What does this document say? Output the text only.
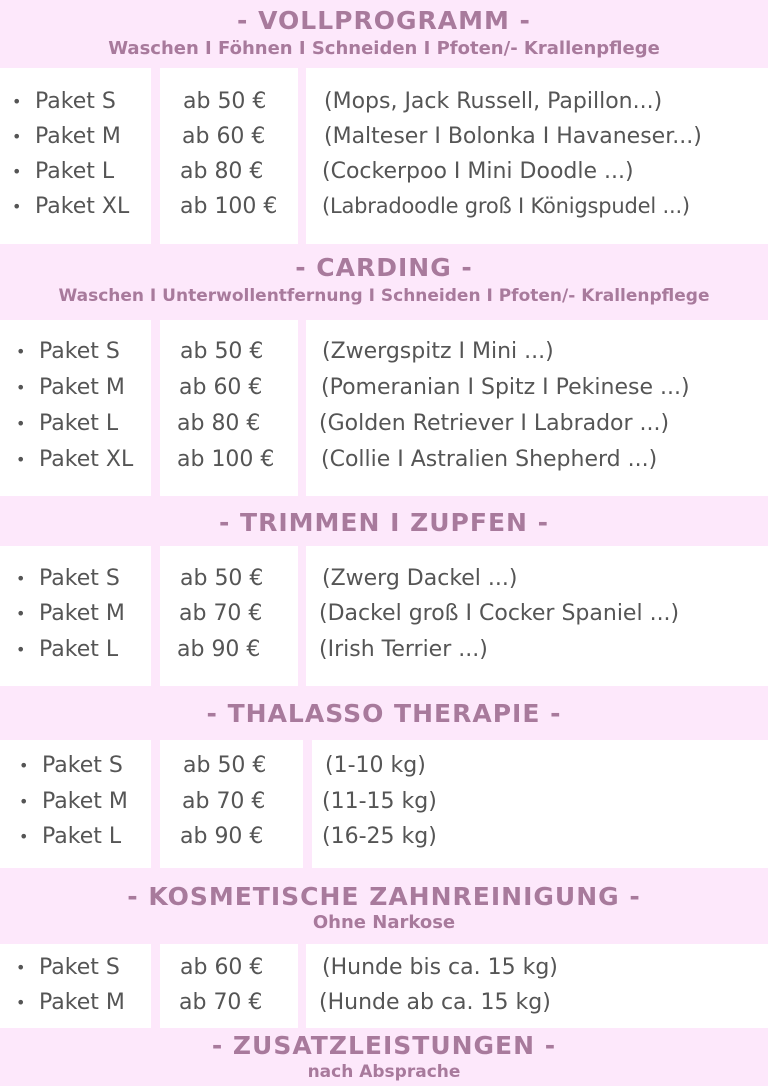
- VOLLPROGRAMM -
Waschen I Föhnen I Schneiden I Pfoten/- Krallenpflege
- CARDING -
Waschen I Unterwollentfernung I Schneiden I Pfoten/- Krallenpflege
- TRIMMEN I ZUPFEN -
- THALASSO THERAPIE -
- KOSMETISCHE ZAHNREINIGUNG -
Ohne Narkose
- ZUSATZLEISTUNGEN -
nach Absprache
• Paket S	ab 50 €	(Mops, Jack Russell, Papillon...)
• Paket M	ab 60 €	(Malteser I Bolonka I Havaneser...)
• Paket L	ab 80 €	(Cockerpoo I Mini Doodle ...)
• Paket XL ab 100 € (Labradoodle groß I Königspudel ...)
• Paket S	ab 50 €	(Zwergspitz I Mini ...)
• Paket M ab 60 €	(Pomeranian I Spitz I Pekinese ...)
• Paket L	ab 80 €	(Golden Retriever I Labrador ...)
• Paket XL ab 100 € (Collie I Astralien Shepherd ...)
• Paket S	ab 50 €	(Zwerg Dackel ...)
• Paket M ab 70 €	(Dackel groß I Cocker Spaniel ...)
• Paket L	ab 90 €	(Irish Terrier ...)
• Paket S	ab 50 €	(1-10 kg)
• Paket M ab 70 €	(11-15 kg)
• Paket L	ab 90 €	(16-25 kg)
• Paket S	ab 60 €	(Hunde bis ca. 15 kg)
• Paket M ab 70 €	(Hunde ab ca. 15 kg)
